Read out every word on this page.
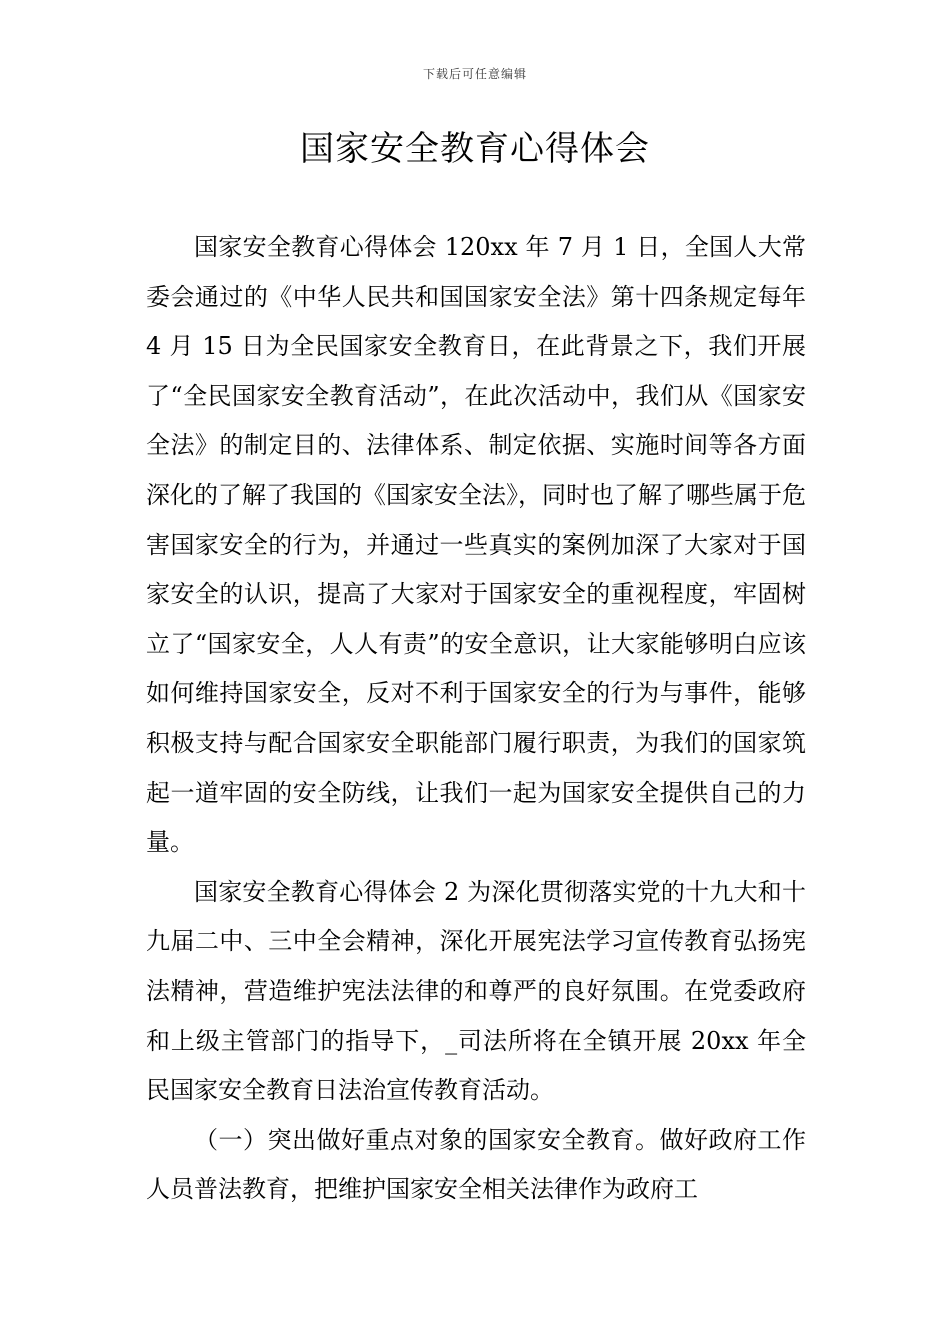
下载后可任意编辑
国家安全教育心得体会

国家安全教育心得体会 120xx 年 7 月 1 日，全国人大常委会通过的《中华人民共和国国家安全法》第十四条规定每年 4 月 15 日为全民国家安全教育日，在此背景之下，我们开展了“全民国家安全教育活动”，在此次活动中，我们从《国家安全法》的制定目的、法律体系、制定依据、实施时间等各方面深化的了解了我国的《国家安全法》，同时也了解了哪些属于危害国家安全的行为，并通过一些真实的案例加深了大家对于国家安全的认识，提高了大家对于国家安全的重视程度，牢固树立了“国家安全，人人有责”的安全意识，让大家能够明白应该如何维持国家安全，反对不利于国家安全的行为与事件，能够积极支持与配合国家安全职能部门履行职责，为我们的国家筑起一道牢固的安全防线，让我们一起为国家安全提供自己的力量。

国家安全教育心得体会 2 为深化贯彻落实党的十九大和十九届二中、三中全会精神，深化开展宪法学习宣传教育弘扬宪法精神，营造维护宪法法律的和尊严的良好氛围。在党委政府和上级主管部门的指导下，_司法所将在全镇开展 20xx 年全民国家安全教育日法治宣传教育活动。

（一）突出做好重点对象的国家安全教育。做好政府工作人员普法教育，把维护国家安全相关法律作为政府工
